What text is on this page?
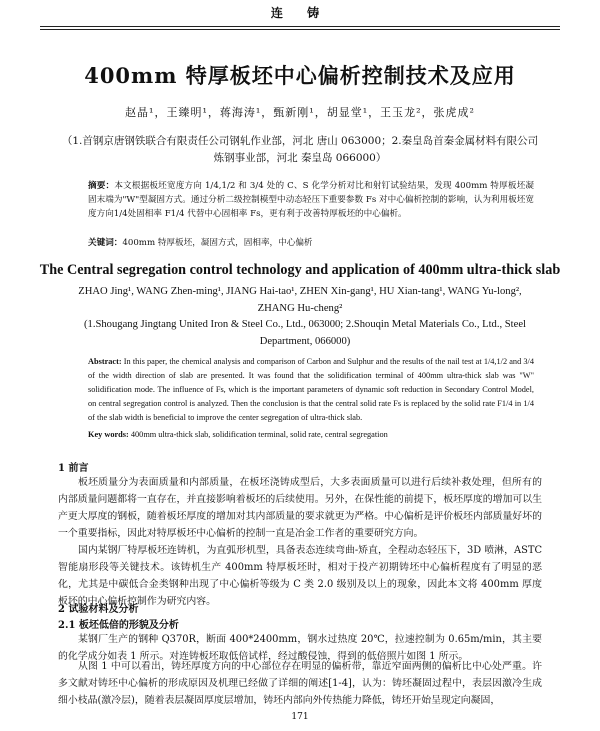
连 铸
400mm 特厚板坯中心偏析控制技术及应用
赵晶¹，王臻明¹，蒋海涛¹，甄新刚¹，胡显堂¹，王玉龙²，张虎成²
（1.首钢京唐钢铁联合有限责任公司钢轧作业部，河北 唐山 063000；2.秦皇岛首秦金属材料有限公司炼钢事业部，河北 秦皇岛 066000）
摘要：本文根据板坯宽度方向 1/4,1/2 和 3/4 处的 C、S 化学分析对比和射钉试验结果，发现 400mm 特厚板坯凝固末端为"W"型凝固方式。通过分析二级控制模型中动态轻压下重要参数 Fs 对中心偏析控制的影响，认为利用板坯宽度方向1/4处固相率 F1/4 代替中心固相率 Fs，更有利于改善特厚板坯的中心偏析。
关键词：400mm 特厚板坯，凝固方式，固相率，中心偏析
The Central segregation control technology and application of 400mm ultra-thick slab
ZHAO Jing¹, WANG Zhen-ming¹, JIANG Hai-tao¹, ZHEN Xin-gang¹, HU Xian-tang¹, WANG Yu-long², ZHANG Hu-cheng²
(1.Shougang Jingtang United Iron & Steel Co., Ltd., 063000; 2.Shouqin Metal Materials Co., Ltd., Steel Department, 066000)
Abstract: In this paper, the chemical analysis and comparison of Carbon and Sulphur and the results of the nail test at 1/4,1/2 and 3/4 of the width direction of slab are presented. It was found that the solidification terminal of 400mm ultra-thick slab was "W" solidification mode. The influence of Fs, which is the important parameters of dynamic soft reduction in Secondary Control Model, on central segregation control is analyzed. Then the conclusion is that the central solid rate Fs is replaced by the solid rate F1/4 in 1/4 of the slab width is beneficial to improve the center segregation of ultra-thick slab.
Key words: 400mm ultra-thick slab, solidification terminal, solid rate, central segregation
1 前言
板坯质量分为表面质量和内部质量，在板坯浇铸成型后，大多表面质量可以进行后续补救处理，但所有的内部质量问题都将一直存在，并直接影响着板坯的后续使用。另外，在保性能的前提下，板坯厚度的增加可以生产更大厚度的钢板，随着板坯厚度的增加对其内部质量的要求就更为严格。中心偏析是评价板坯内部质量好坏的一个重要指标，因此对特厚板坯中心偏析的控制一直是冶金工作者的重要研究方向。
国内某钢厂特厚板坯连铸机，为直弧形机型，具备表态连续弯曲-矫直，全程动态轻压下，3D 喷淋，ASTC 智能扇形段等关键技术。该铸机生产 400mm 特厚板坯时，相对于投产初期铸坯中心偏析程度有了明显的恶化，尤其是中碳低合金类钢种出现了中心偏析等级为 C 类 2.0 级别及以上的现象，因此本文将 400mm 厚度板坯的中心偏析控制作为研究内容。
2 试验材料及分析
2.1 板坯低倍的形貌及分析
某钢厂生产的钢种 Q370R，断面 400*2400mm，钢水过热度 20℃，拉速控制为 0.65m/min，其主要的化学成分如表 1 所示。对连铸板坯取低倍试样，经过酸侵蚀，得到的低倍照片如图 1 所示。
从图 1 中可以看出，铸坯厚度方向的中心部位存在明显的偏析带，靠近窄面两侧的偏析比中心处严重。许多文献对铸坯中心偏析的形成原因及机理已经做了详细的阐述[1-4]，认为：铸坯凝固过程中，表层因激冷生成细小枝晶(激冷层)，随着表层凝固厚度层增加，铸坯内部向外传热能力降低，铸坯开始呈现定向凝固，
171
